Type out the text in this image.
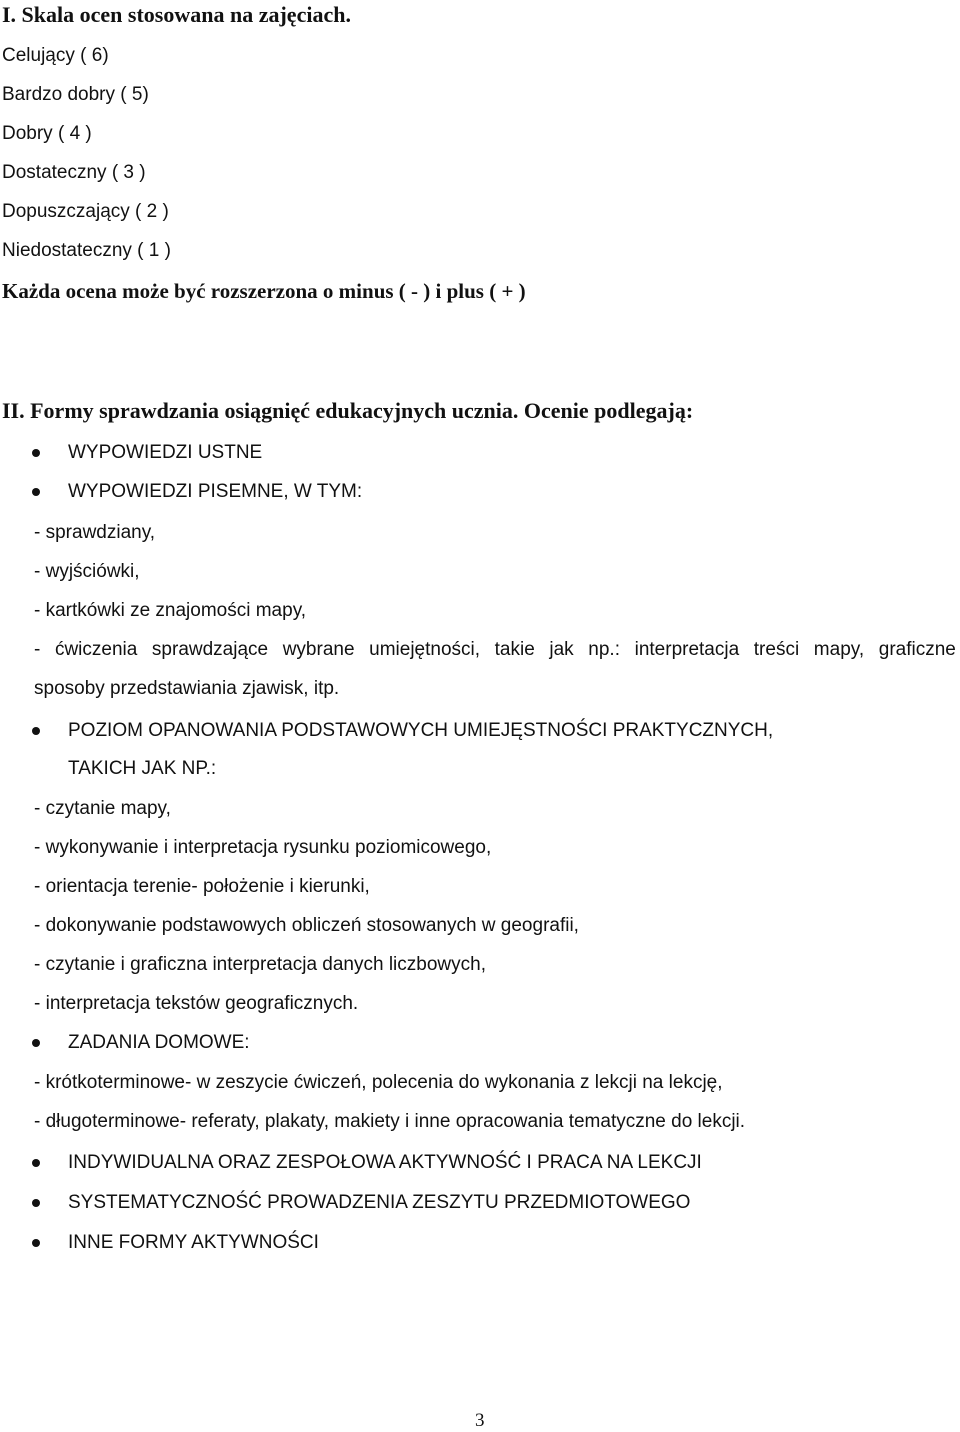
I. Skala ocen stosowana na zajęciach.
Celujący ( 6)
Bardzo dobry ( 5)
Dobry ( 4 )
Dostateczny ( 3 )
Dopuszczający ( 2 )
Niedostateczny ( 1 )
Każda ocena może być rozszerzona o minus ( - ) i plus ( + )
II. Formy sprawdzania osiągnięć edukacyjnych ucznia. Ocenie podlegają:
WYPOWIEDZI USTNE
WYPOWIEDZI PISEMNE, W TYM:
- sprawdziany,
- wyjściówki,
- kartkówki ze znajomości mapy,
- ćwiczenia sprawdzające wybrane umiejętności, takie jak np.: interpretacja treści mapy, graficzne
sposoby przedstawiania zjawisk, itp.
POZIOM OPANOWANIA PODSTAWOWYCH UMIEJĘSTNOŚCI PRAKTYCZNYCH,
TAKICH JAK NP.:
- czytanie mapy,
- wykonywanie i interpretacja rysunku poziomicowego,
- orientacja terenie- położenie i kierunki,
- dokonywanie podstawowych obliczeń stosowanych w geografii,
- czytanie i graficzna interpretacja danych liczbowych,
- interpretacja tekstów geograficznych.
ZADANIA DOMOWE:
- krótkoterminowe- w zeszycie ćwiczeń, polecenia do wykonania z lekcji na lekcję,
- długoterminowe- referaty, plakaty, makiety i inne opracowania tematyczne do lekcji.
INDYWIDUALNA ORAZ ZESPOŁOWA AKTYWNOŚĆ I PRACA NA LEKCJI
SYSTEMATYCZNOŚĆ PROWADZENIA ZESZYTU PRZEDMIOTOWEGO
INNE FORMY AKTYWNOŚCI
3
